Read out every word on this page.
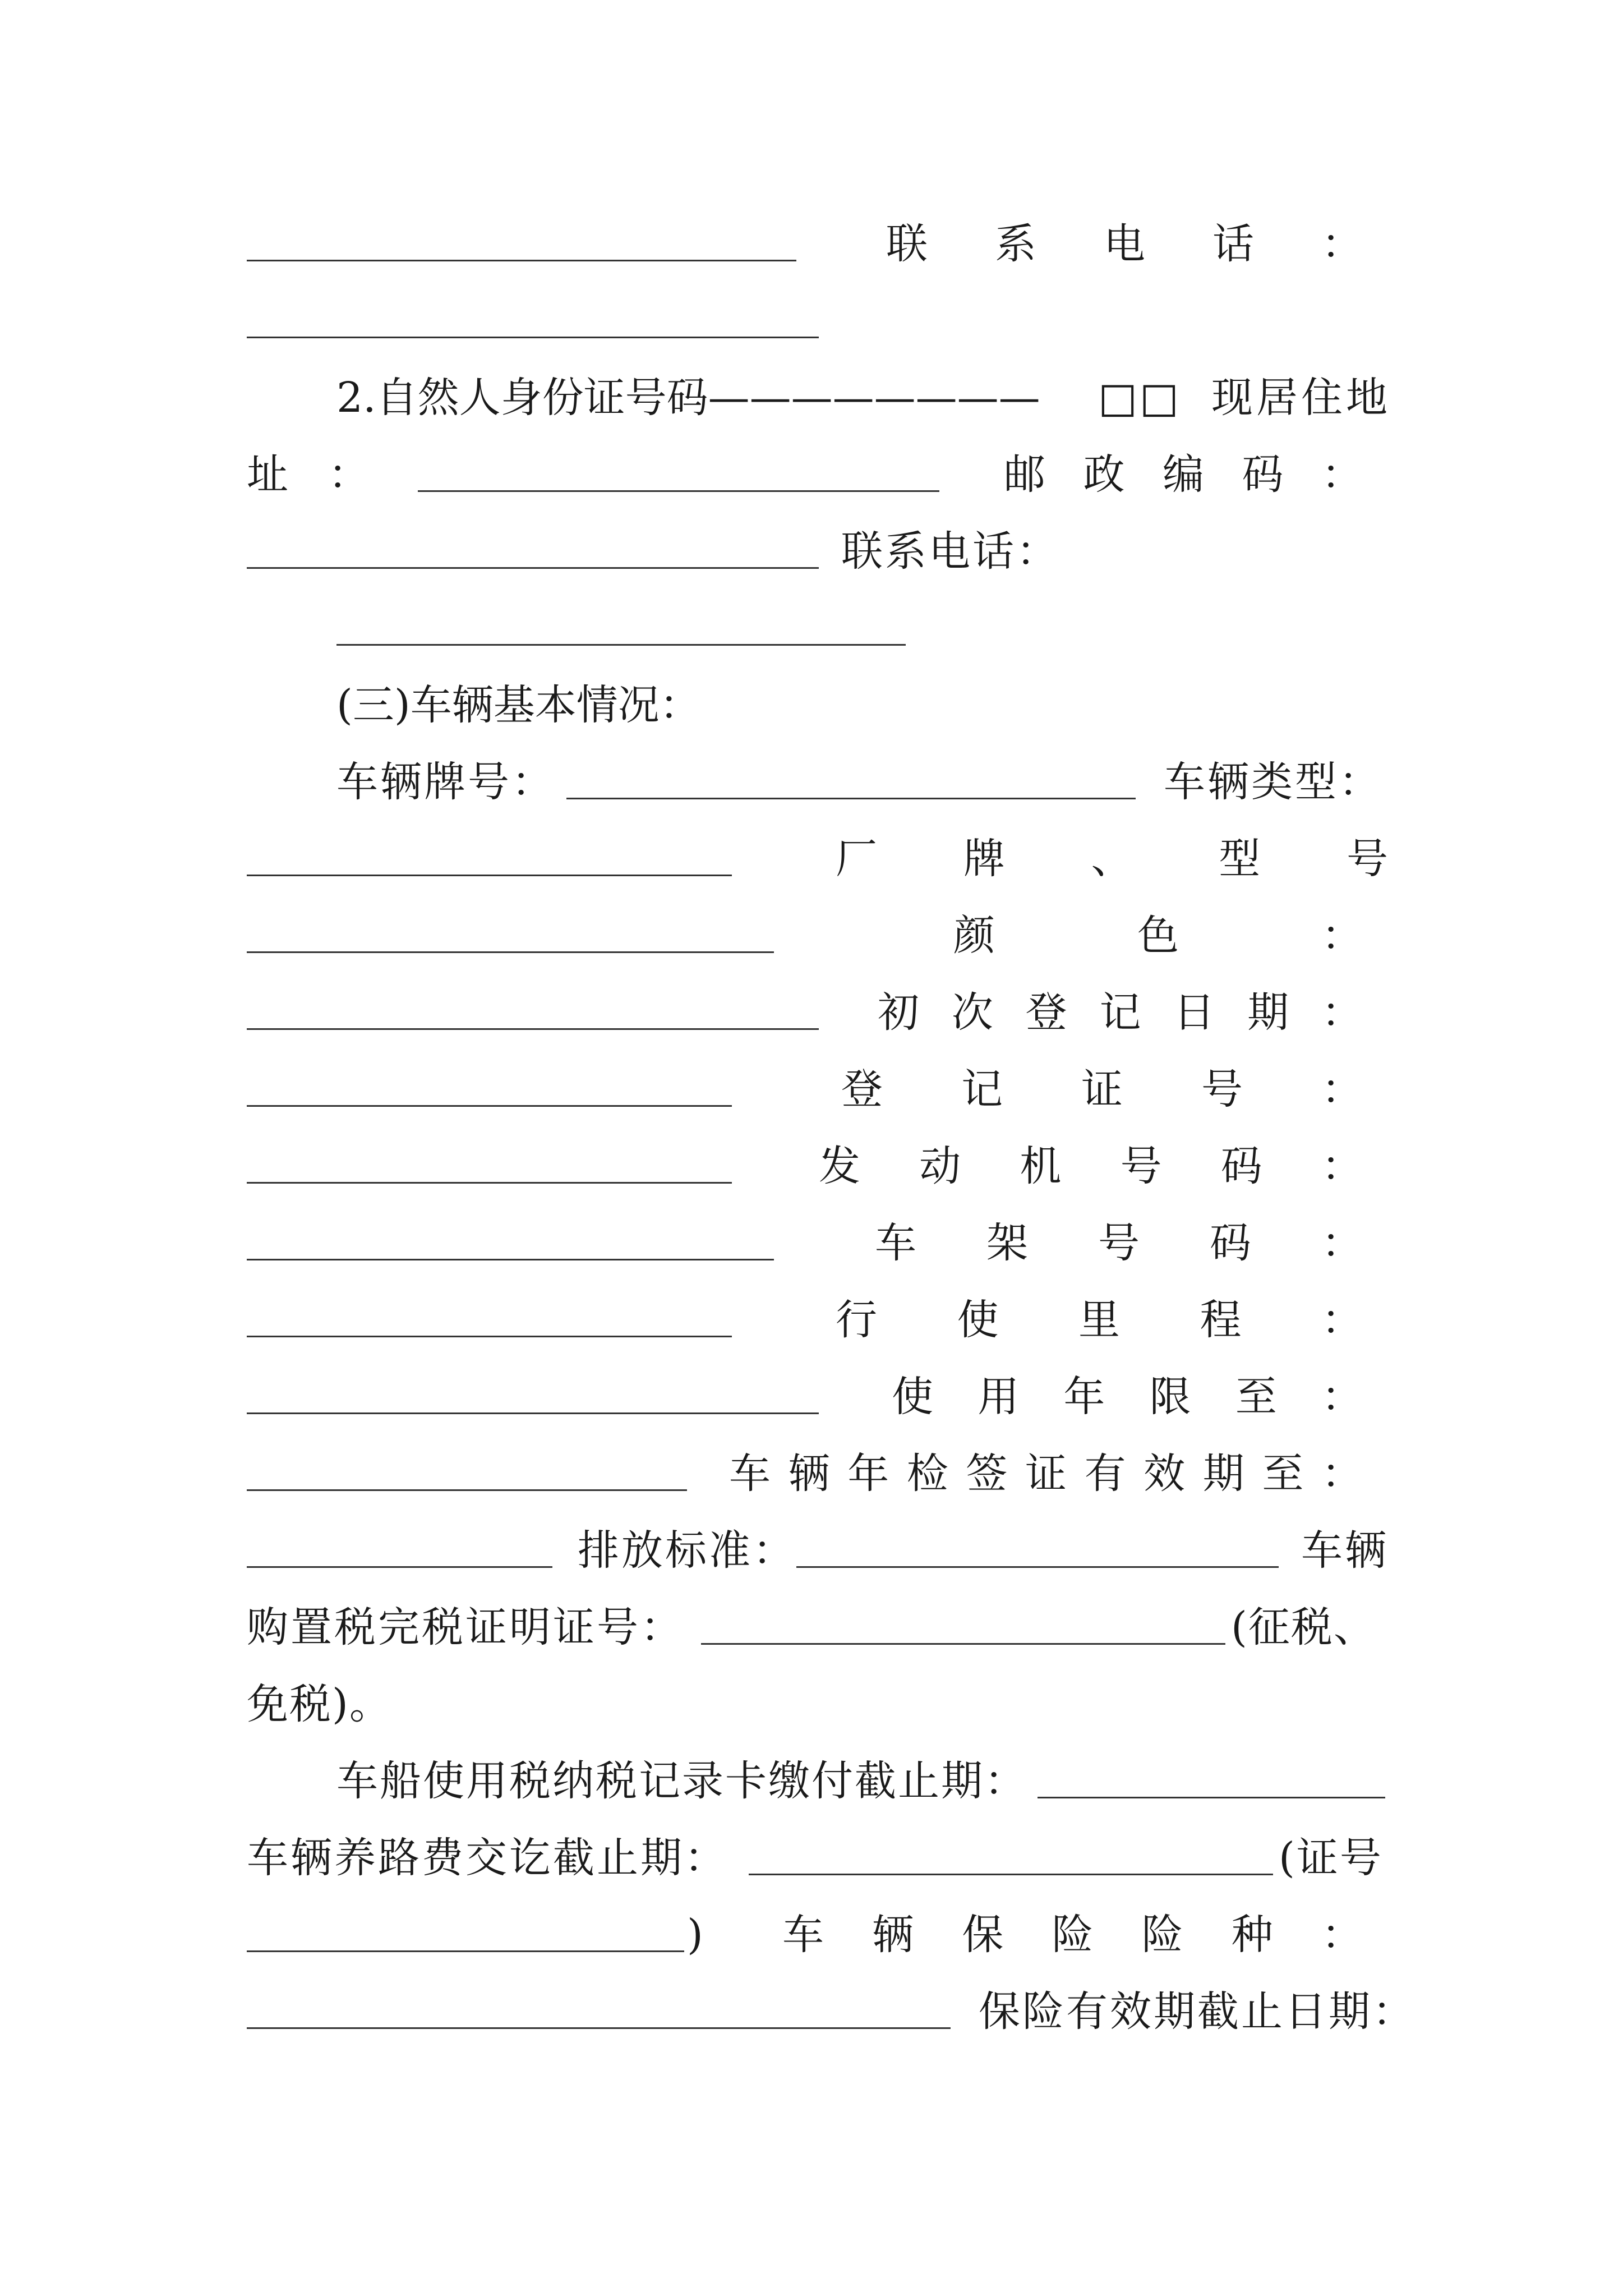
联 系 电 话 ：
2.自然人身份证号码———————— □□ 现居住地
址 ：	邮 政 编 码 ：
联系电话：
(三)车辆基本情况：
车辆牌号：	车辆类型：
厂 牌 、 型 号
颜	色	：
初 次 登 记 日 期 ：
登 记 证 号 ：
发 动 机 号 码 ：
车 架 号 码 ：
行 使 里 程 ：
使 用 年 限 至 ：
车 辆 年 检 签 证 有 效 期 至 ：
排放标准：	车辆
购置税完税证明证号：	(征税、
免税)。
车船使用税纳税记录卡缴付截止期：
车辆养路费交讫截止期：	(证号
) 车 辆 保 险 险 种 ：
保险有效期截止日期：
